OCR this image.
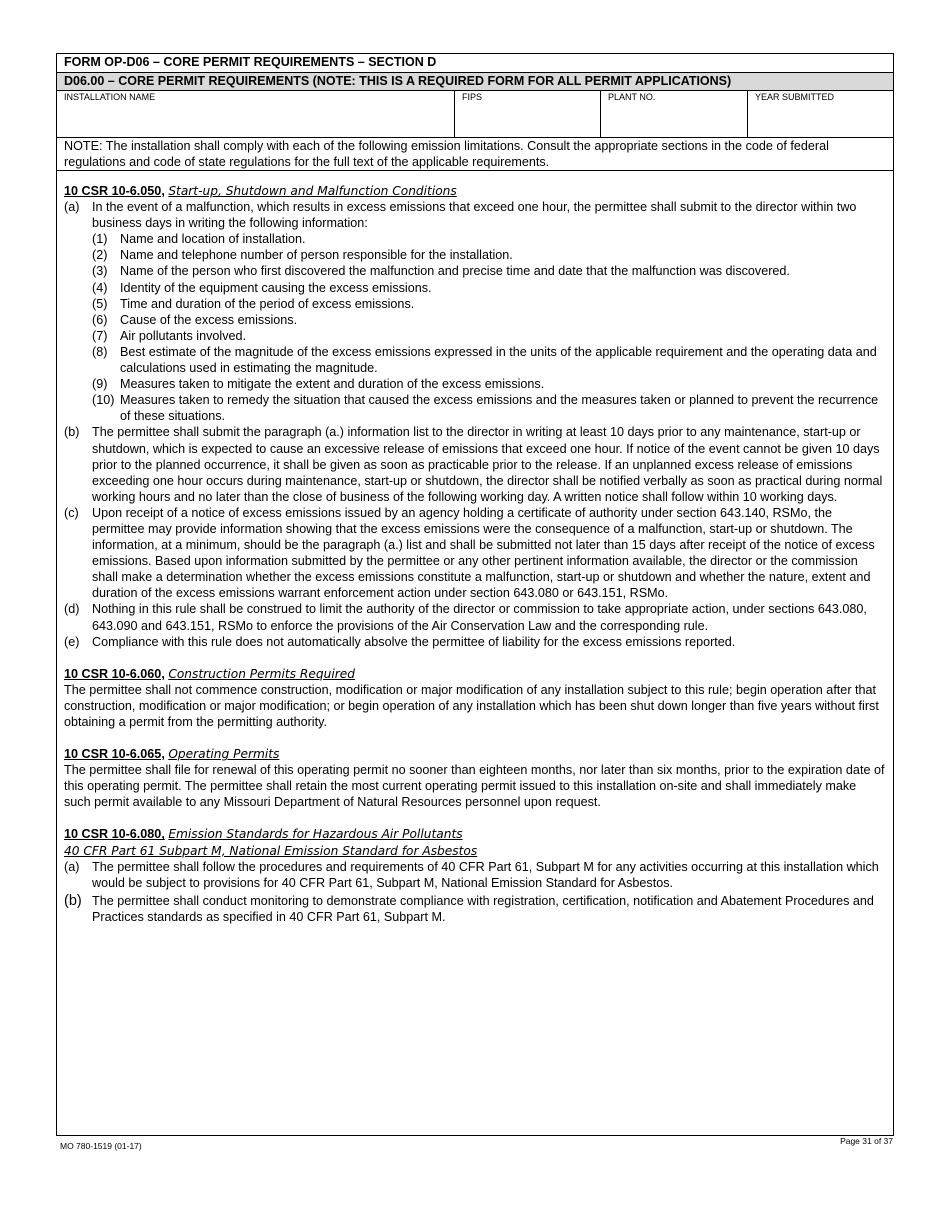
FORM OP-D06 – CORE PERMIT REQUIREMENTS – SECTION D
D06.00 – CORE PERMIT REQUIREMENTS (NOTE: THIS IS A REQUIRED FORM FOR ALL PERMIT APPLICATIONS)
INSTALLATION NAME	FIPS	PLANT NO.	YEAR SUBMITTED
NOTE: The installation shall comply with each of the following emission limitations. Consult the appropriate sections in the code of federal regulations and code of state regulations for the full text of the applicable requirements.
10 CSR 10-6.050, Start-up, Shutdown and Malfunction Conditions
(a) In the event of a malfunction, which results in excess emissions that exceed one hour, the permittee shall submit to the director within two business days in writing the following information:
(1) Name and location of installation.
(2) Name and telephone number of person responsible for the installation.
(3) Name of the person who first discovered the malfunction and precise time and date that the malfunction was discovered.
(4) Identity of the equipment causing the excess emissions.
(5) Time and duration of the period of excess emissions.
(6) Cause of the excess emissions.
(7) Air pollutants involved.
(8) Best estimate of the magnitude of the excess emissions expressed in the units of the applicable requirement and the operating data and calculations used in estimating the magnitude.
(9) Measures taken to mitigate the extent and duration of the excess emissions.
(10) Measures taken to remedy the situation that caused the excess emissions and the measures taken or planned to prevent the recurrence of these situations.
(b) The permittee shall submit the paragraph (a.) information list to the director in writing at least 10 days prior to any maintenance, start-up or shutdown, which is expected to cause an excessive release of emissions that exceed one hour. If notice of the event cannot be given 10 days prior to the planned occurrence, it shall be given as soon as practicable prior to the release. If an unplanned excess release of emissions exceeding one hour occurs during maintenance, start-up or shutdown, the director shall be notified verbally as soon as practical during normal working hours and no later than the close of business of the following working day. A written notice shall follow within 10 working days.
(c)	Upon receipt of a notice of excess emissions issued by an agency holding a certificate of authority under section 643.140, RSMo, the permittee may provide information showing that the excess emissions were the consequence of a malfunction, start-up or shutdown. The information, at a minimum, should be the paragraph (a.) list and shall be submitted not later than 15 days after receipt of the notice of excess emissions. Based upon information submitted by the permittee or any other pertinent information available, the director or the commission shall make a determination whether the excess emissions constitute a malfunction, start-up or shutdown and whether the nature, extent and duration of the excess emissions warrant enforcement action under section 643.080 or 643.151, RSMo.
(d) Nothing in this rule shall be construed to limit the authority of the director or commission to take appropriate action, under sections 643.080, 643.090 and 643.151, RSMo to enforce the provisions of the Air Conservation Law and the corresponding rule.
(e) Compliance with this rule does not automatically absolve the permittee of liability for the excess emissions reported.
10 CSR 10-6.060, Construction Permits Required
The permittee shall not commence construction, modification or major modification of any installation subject to this rule; begin operation after that construction, modification or major modification; or begin operation of any installation which has been shut down longer than five years without first obtaining a permit from the permitting authority.
10 CSR 10-6.065, Operating Permits
The permittee shall file for renewal of this operating permit no sooner than eighteen months, nor later than six months, prior to the expiration date of this operating permit. The permittee shall retain the most current operating permit issued to this installation on-site and shall immediately make such permit available to any Missouri Department of Natural Resources personnel upon request.
10 CSR 10-6.080, Emission Standards for Hazardous Air Pollutants
40 CFR Part 61 Subpart M, National Emission Standard for Asbestos
(a) The permittee shall follow the procedures and requirements of 40 CFR Part 61, Subpart M for any activities occurring at this installation which would be subject to provisions for 40 CFR Part 61, Subpart M, National Emission Standard for Asbestos.
(b) The permittee shall conduct monitoring to demonstrate compliance with registration, certification, notification and Abatement Procedures and Practices standards as specified in 40 CFR Part 61, Subpart M.
MO 780-1519 (01-17)	Page 31 of 37
